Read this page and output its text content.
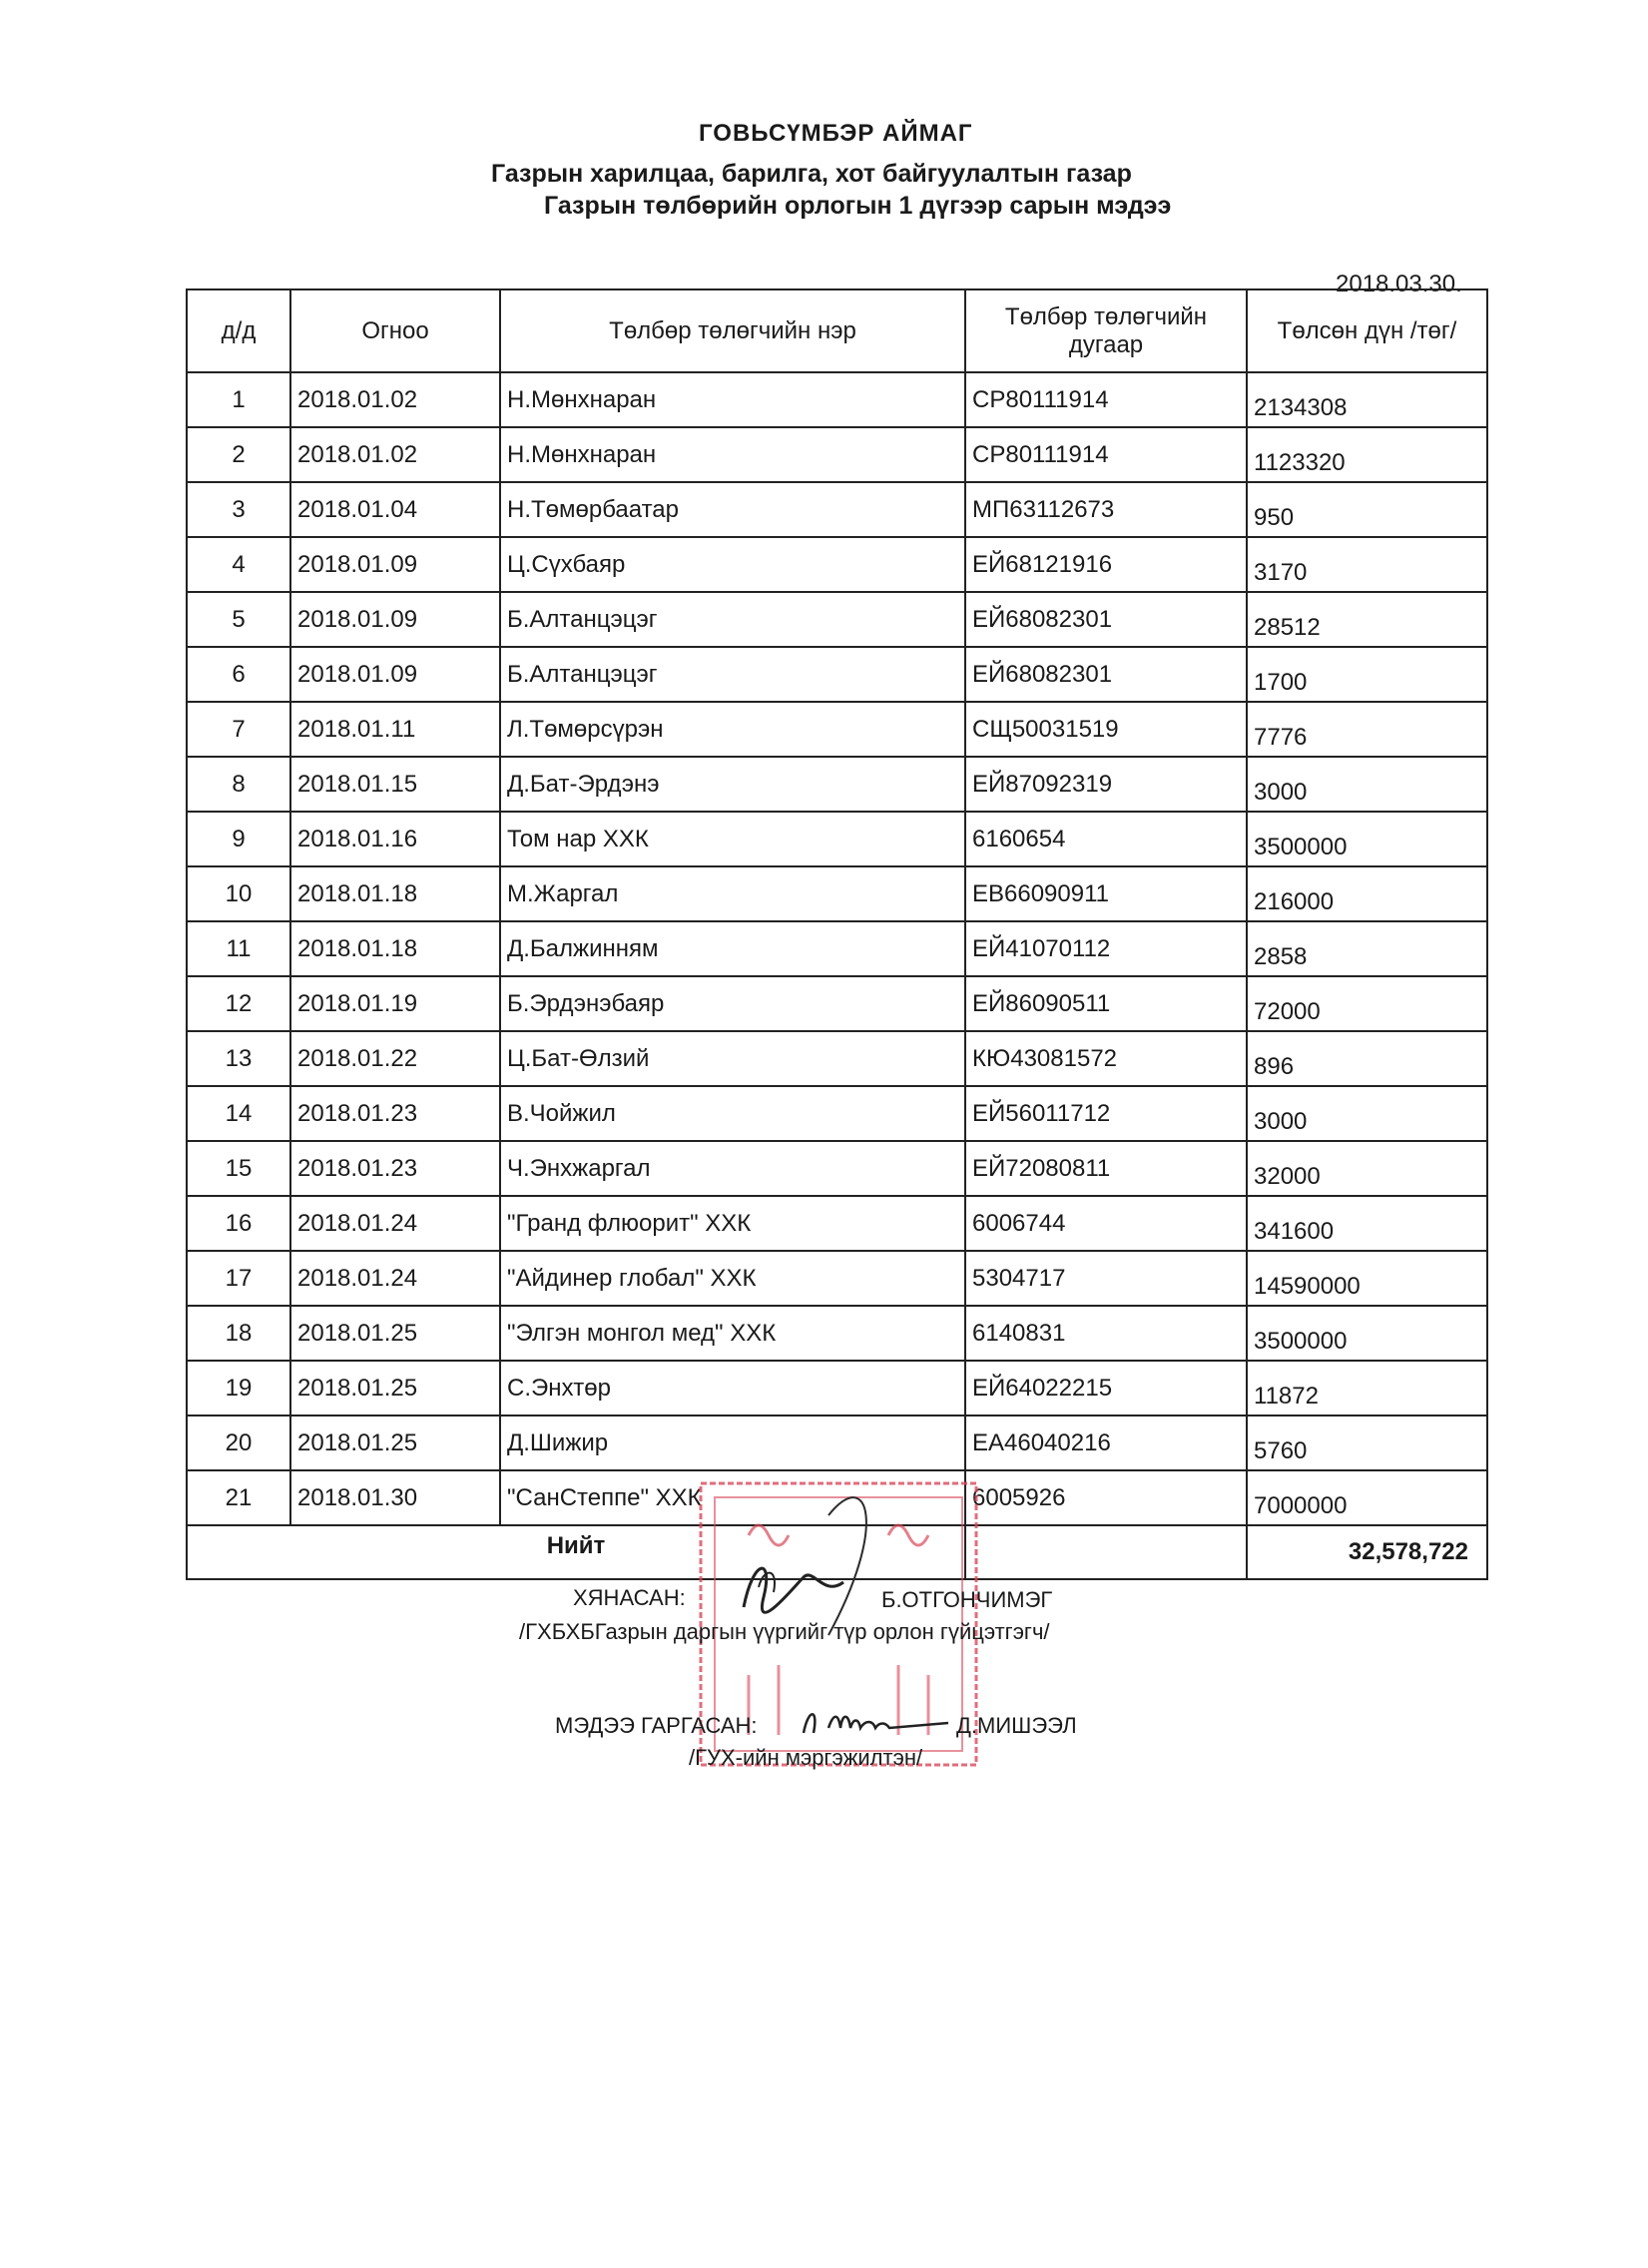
ГОВЬСҮМБЭР АЙМАГ
Газрын харилцаа, барилга, хот байгуулалтын газар
Газрын төлбөрийн орлогын 1 дүгээр сарын мэдээ
2018.03.30.
д/д	Огноо	Төлбөр төлөгчийн нэр	Төлбөр төлөгчийн дугаар	Төлсөн дүн /төг/
1	2018.01.02	Н.Мөнхнаран	СР80111914	2134308
2	2018.01.02	Н.Мөнхнаран	СР80111914	1123320
3	2018.01.04	Н.Төмөрбаатар	МП63112673	950
4	2018.01.09	Ц.Сүхбаяр	ЕЙ68121916	3170
5	2018.01.09	Б.Алтанцэцэг	ЕЙ68082301	28512
6	2018.01.09	Б.Алтанцэцэг	ЕЙ68082301	1700
7	2018.01.11	Л.Төмөрсүрэн	СЩ50031519	7776
8	2018.01.15	Д.Бат-Эрдэнэ	ЕЙ87092319	3000
9	2018.01.16	Том нар ХХК	6160654	3500000
10	2018.01.18	М.Жаргал	ЕВ66090911	216000
11	2018.01.18	Д.Балжинням	ЕЙ41070112	2858
12	2018.01.19	Б.Эрдэнэбаяр	ЕЙ86090511	72000
13	2018.01.22	Ц.Бат-Өлзий	КЮ43081572	896
14	2018.01.23	В.Чойжил	ЕЙ56011712	3000
15	2018.01.23	Ч.Энхжаргал	ЕЙ72080811	32000
16	2018.01.24	"Гранд флюорит" ХХК	6006744	341600
17	2018.01.24	"Айдинер глобал" ХХК	5304717	14590000
18	2018.01.25	"Элгэн монгол мед" ХХК	6140831	3500000
19	2018.01.25	С.Энхтөр	ЕЙ64022215	11872
20	2018.01.25	Д.Шижир	ЕА46040216	5760
21	2018.01.30	"СанСтеппе" ХХК	6005926	7000000
Нийт				32,578,722
ХЯНАСАН:	Б.ОТГОНЧИМЭГ
/ГХБХБГазрын даргын үүргийг түр орлон гүйцэтгэгч/
МЭДЭЭ ГАРГАСАН:	Д.МИШЭЭЛ
/ГУХ-ийн мэргэжилтэн/
